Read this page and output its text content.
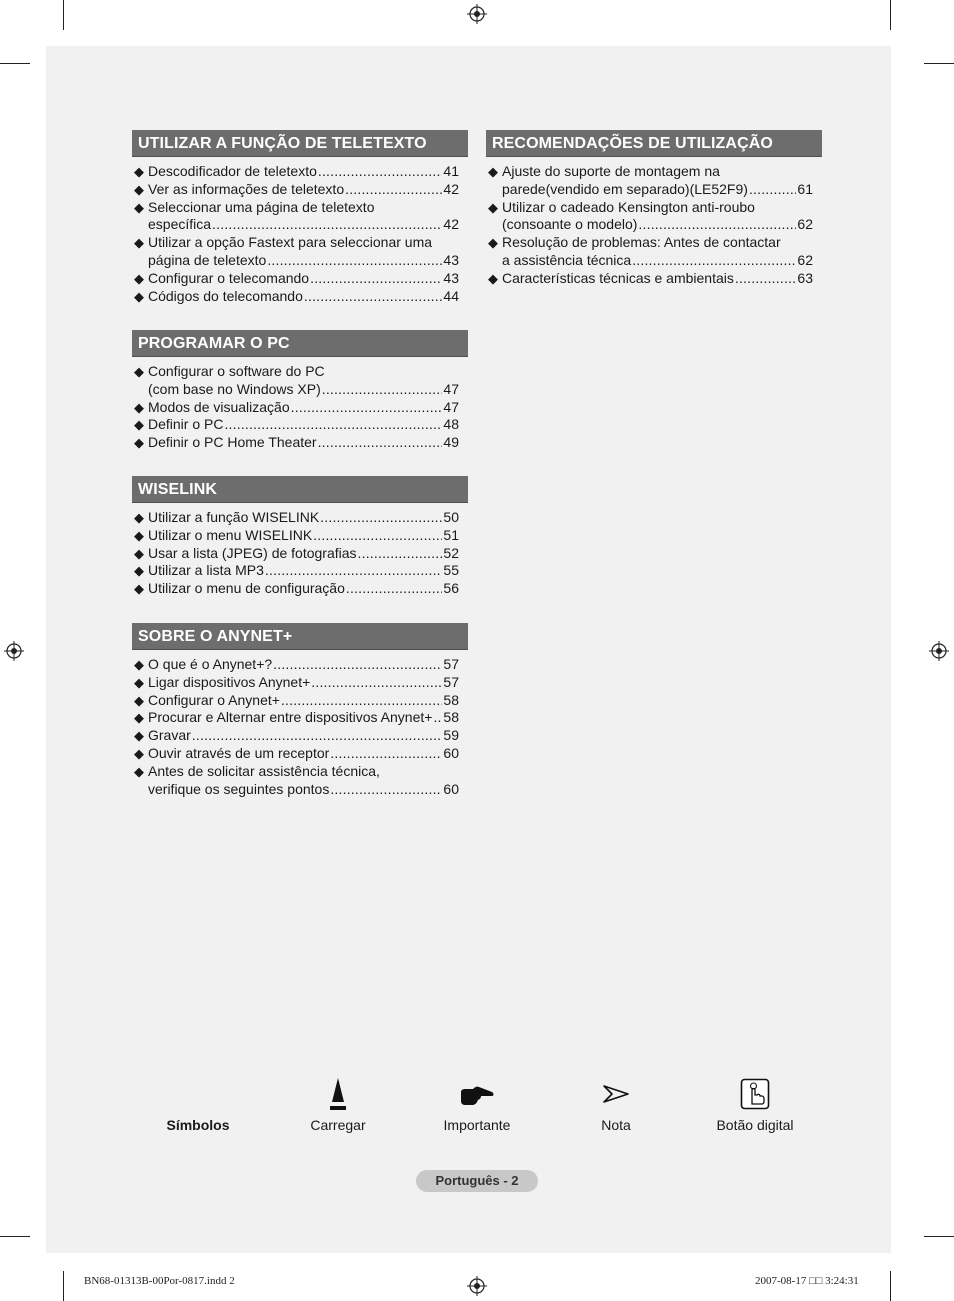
UTILIZAR A FUNÇÃO DE TELETEXTO
◆ Descodificador de teletexto .....	41
◆ Ver as informações de teletexto .....	42
◆ Seleccionar uma página de teletexto
específica .....	42
◆ Utilizar a opção Fastext para seleccionar uma
página de teletexto .....	43
◆ Configurar o telecomando .....	43
◆ Códigos do telecomando .....	44
PROGRAMAR O PC
◆ Configurar o software do PC
(com base no Windows XP) .....	47
◆ Modos de visualização .....	47
◆ Definir o PC .....	48
◆ Definir o PC Home Theater .....	49
WISELINK
◆ Utilizar a função WISELINK .....	50
◆ Utilizar o menu WISELINK .....	51
◆ Usar a lista (JPEG) de fotografias .....	52
◆ Utilizar a lista MP3 .....	55
◆ Utilizar o menu de configuração .....	56
SOBRE O ANYNET+
◆ O que é o Anynet+? .....	57
◆ Ligar dispositivos Anynet+ .....	57
◆ Configurar o Anynet+ .....	58
◆ Procurar e Alternar entre dispositivos Anynet+ ..... 58
◆ Gravar .....	59
◆ Ouvir através de um receptor .....	60
◆ Antes de solicitar assistência técnica,
verifique os seguintes pontos .....	60
RECOMENDAÇÕES DE UTILIZAÇÃO
◆ Ajuste do suporte de montagem na
parede(vendido em separado)(LE52F9) .....	61
◆ Utilizar o cadeado Kensington anti-roubo
(consoante o modelo) .....	62
◆ Resolução de problemas: Antes de contactar
a assistência técnica .....	62
◆ Características técnicas e ambientais .....	63
Símbolos	Carregar	Importante	Nota	Botão digital
Português - 2
BN68-01313B-00Por-0817.indd 2	2007-08-17 □□ 3:24:31
